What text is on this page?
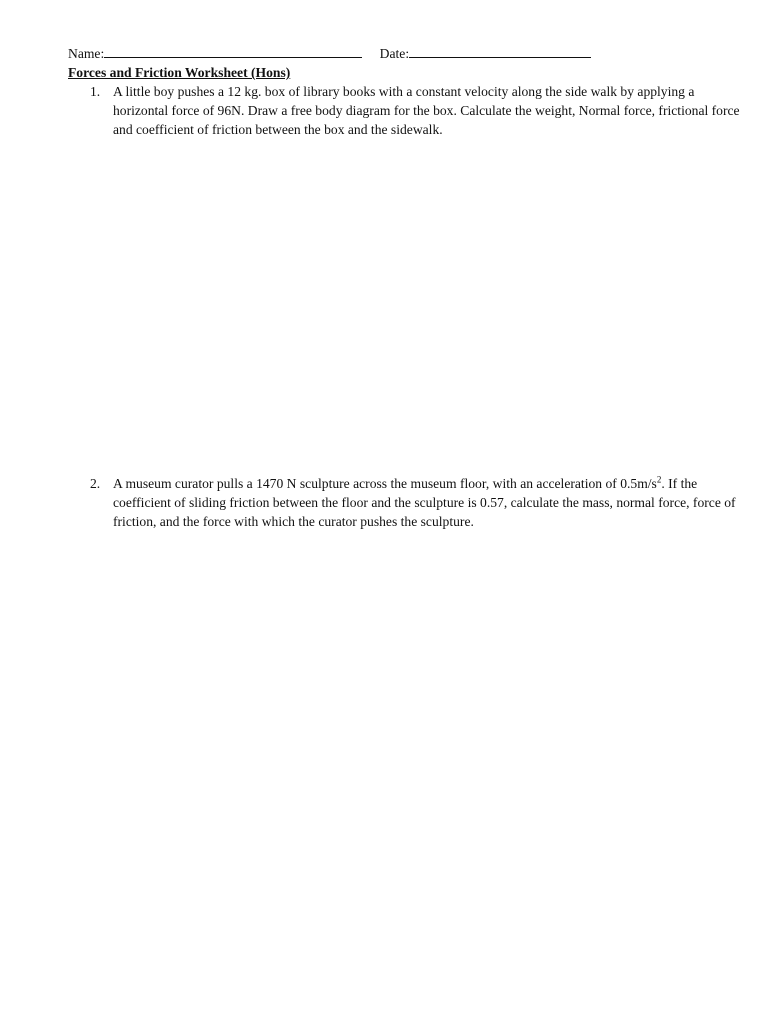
Name:	Date:
Forces and Friction Worksheet (Hons)
1. A little boy pushes a 12 kg. box of library books with a constant velocity along the side walk by applying a horizontal force of 96N. Draw a free body diagram for the box. Calculate the weight, Normal force, frictional force and coefficient of friction between the box and the sidewalk.
2. A museum curator pulls a 1470 N sculpture across the museum floor, with an acceleration of $0.5m/s^2$. If the coefficient of sliding friction between the floor and the sculpture is 0.57, calculate the mass, normal force, force of friction, and the force with which the curator pushes the sculpture.
